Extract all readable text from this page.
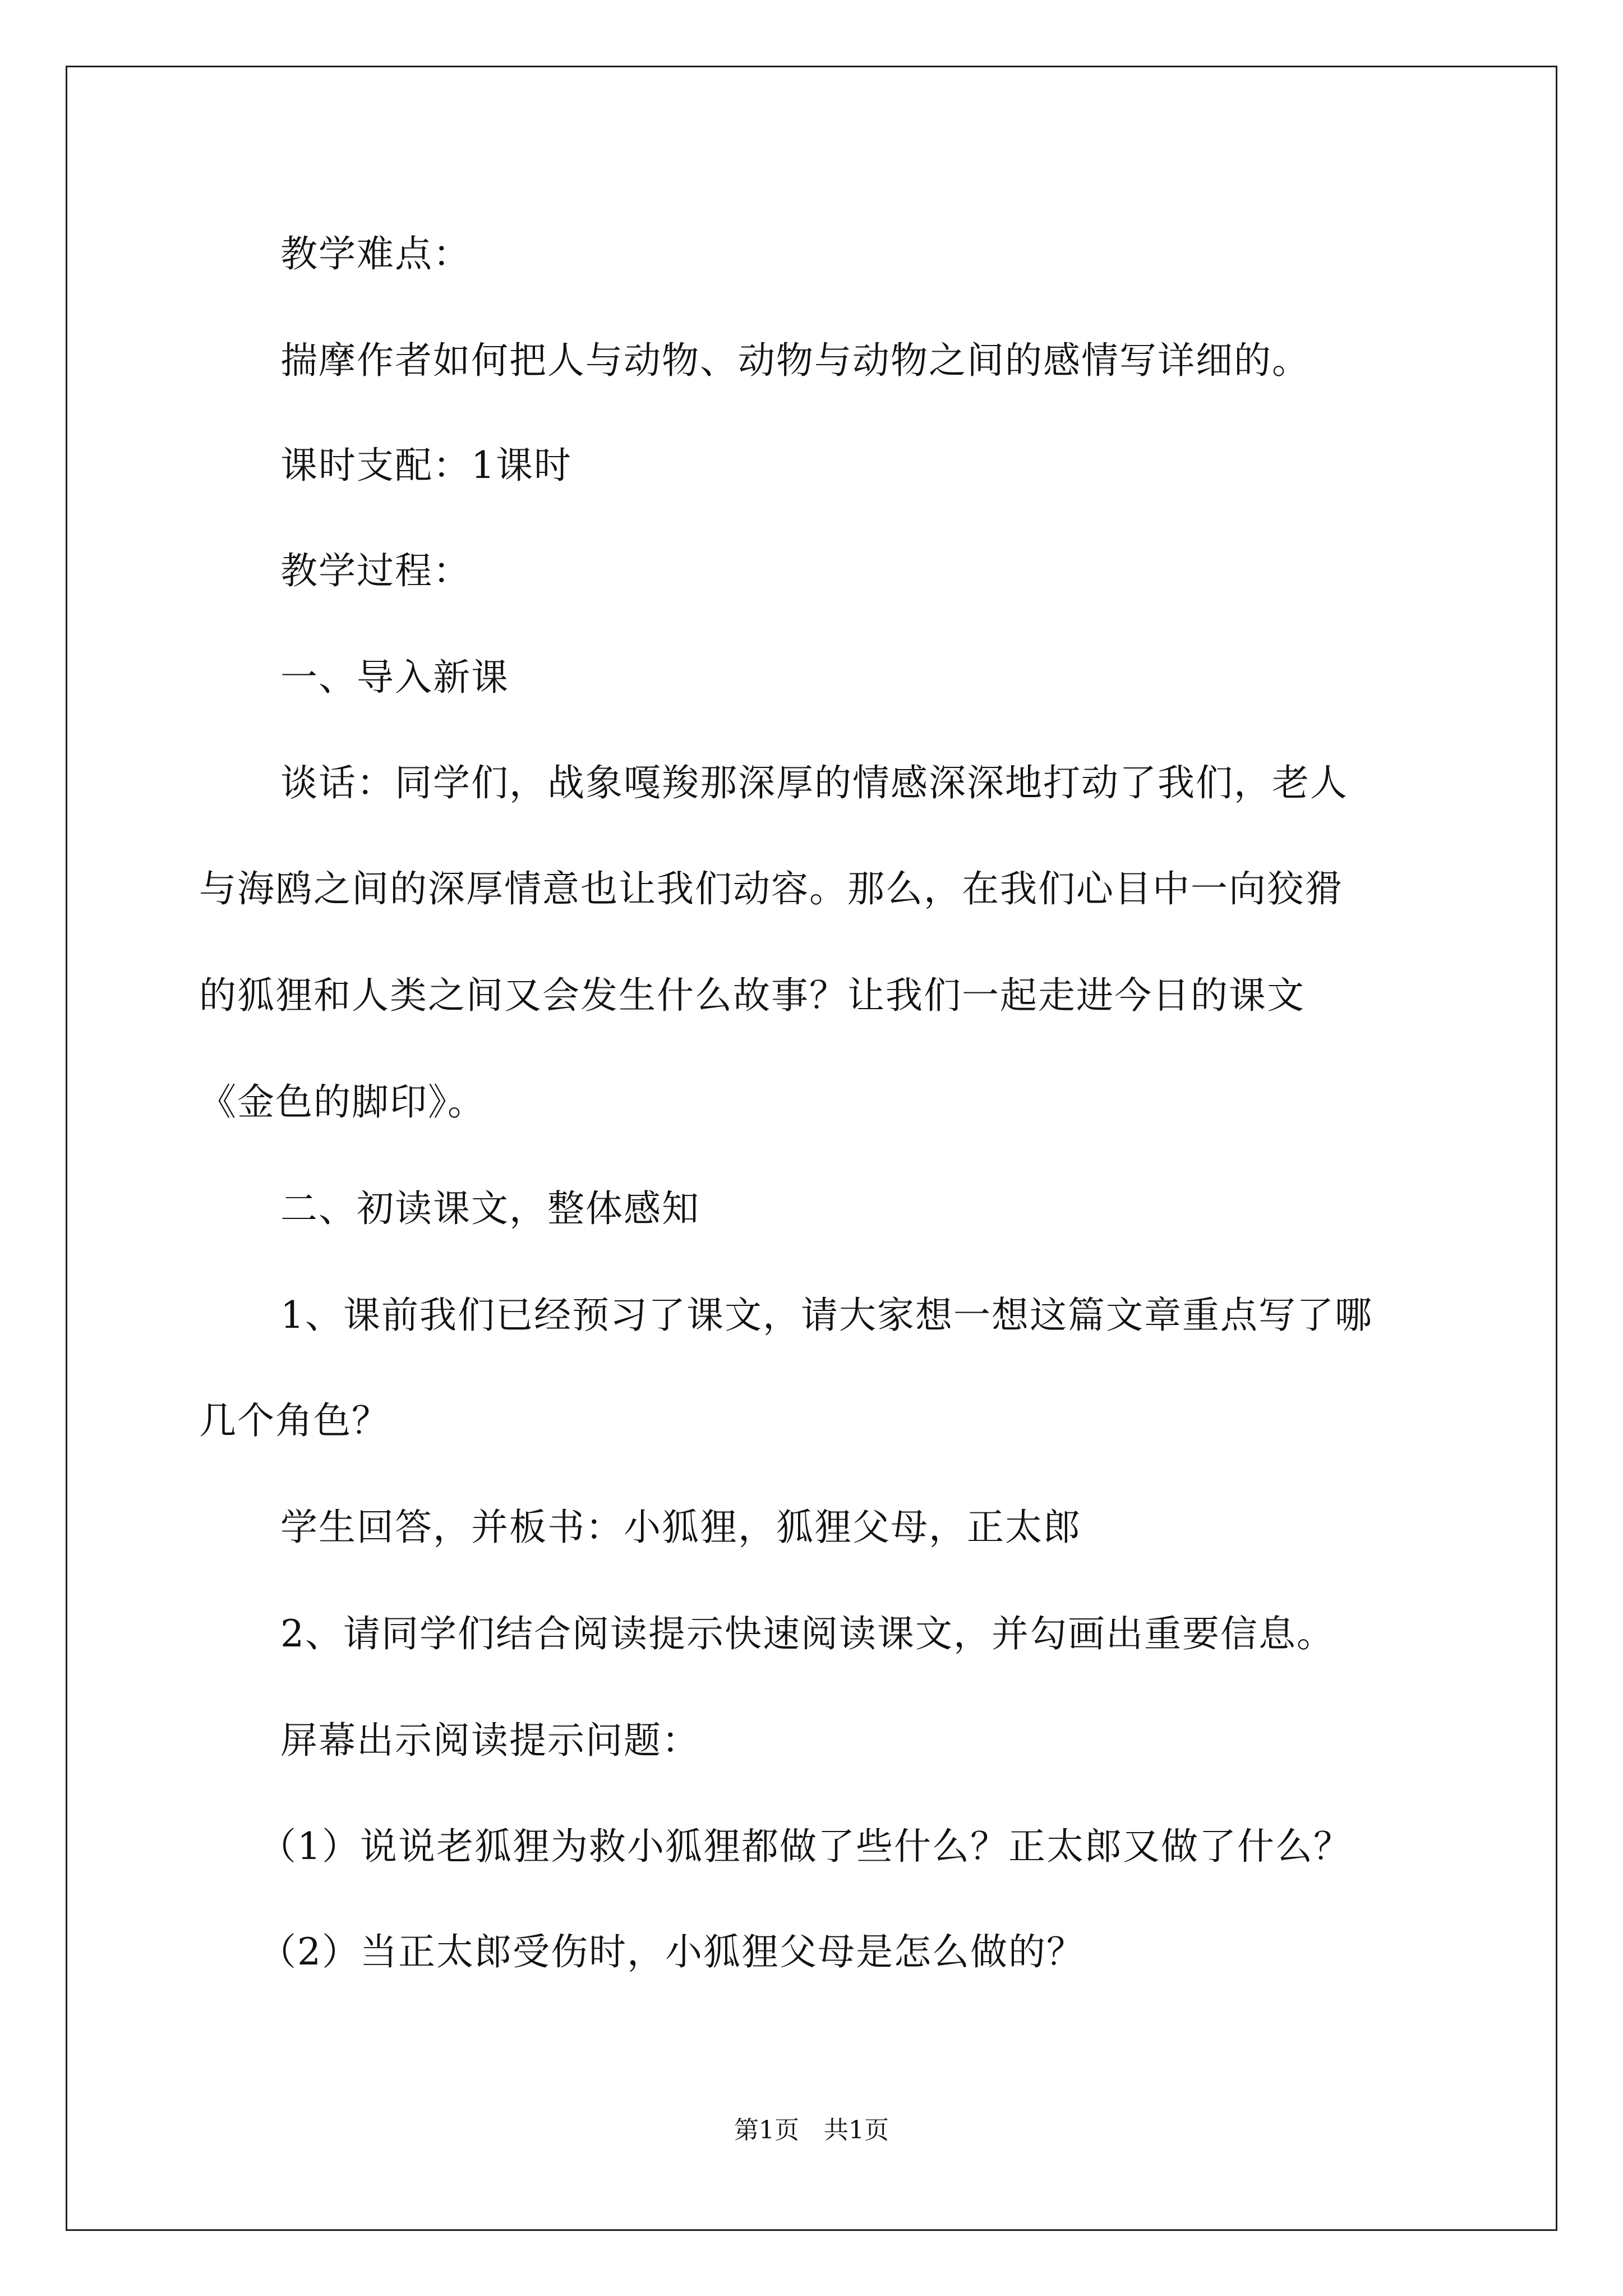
教学难点：
揣摩作者如何把人与动物、动物与动物之间的感情写详细的。
课时支配：1课时
教学过程：
一、导入新课
谈话：同学们，战象嘎羧那深厚的情感深深地打动了我们，老人
与海鸥之间的深厚情意也让我们动容。那么，在我们心目中一向狡猾
的狐狸和人类之间又会发生什么故事？让我们一起走进今日的课文
《金色的脚印》。
二、初读课文，整体感知
1、课前我们已经预习了课文，请大家想一想这篇文章重点写了哪
几个角色？
学生回答，并板书：小狐狸，狐狸父母，正太郎
2、请同学们结合阅读提示快速阅读课文，并勾画出重要信息。
屏幕出示阅读提示问题：
（1）说说老狐狸为救小狐狸都做了些什么？正太郎又做了什么？
（2）当正太郎受伤时，小狐狸父母是怎么做的？
第1页　共1页
